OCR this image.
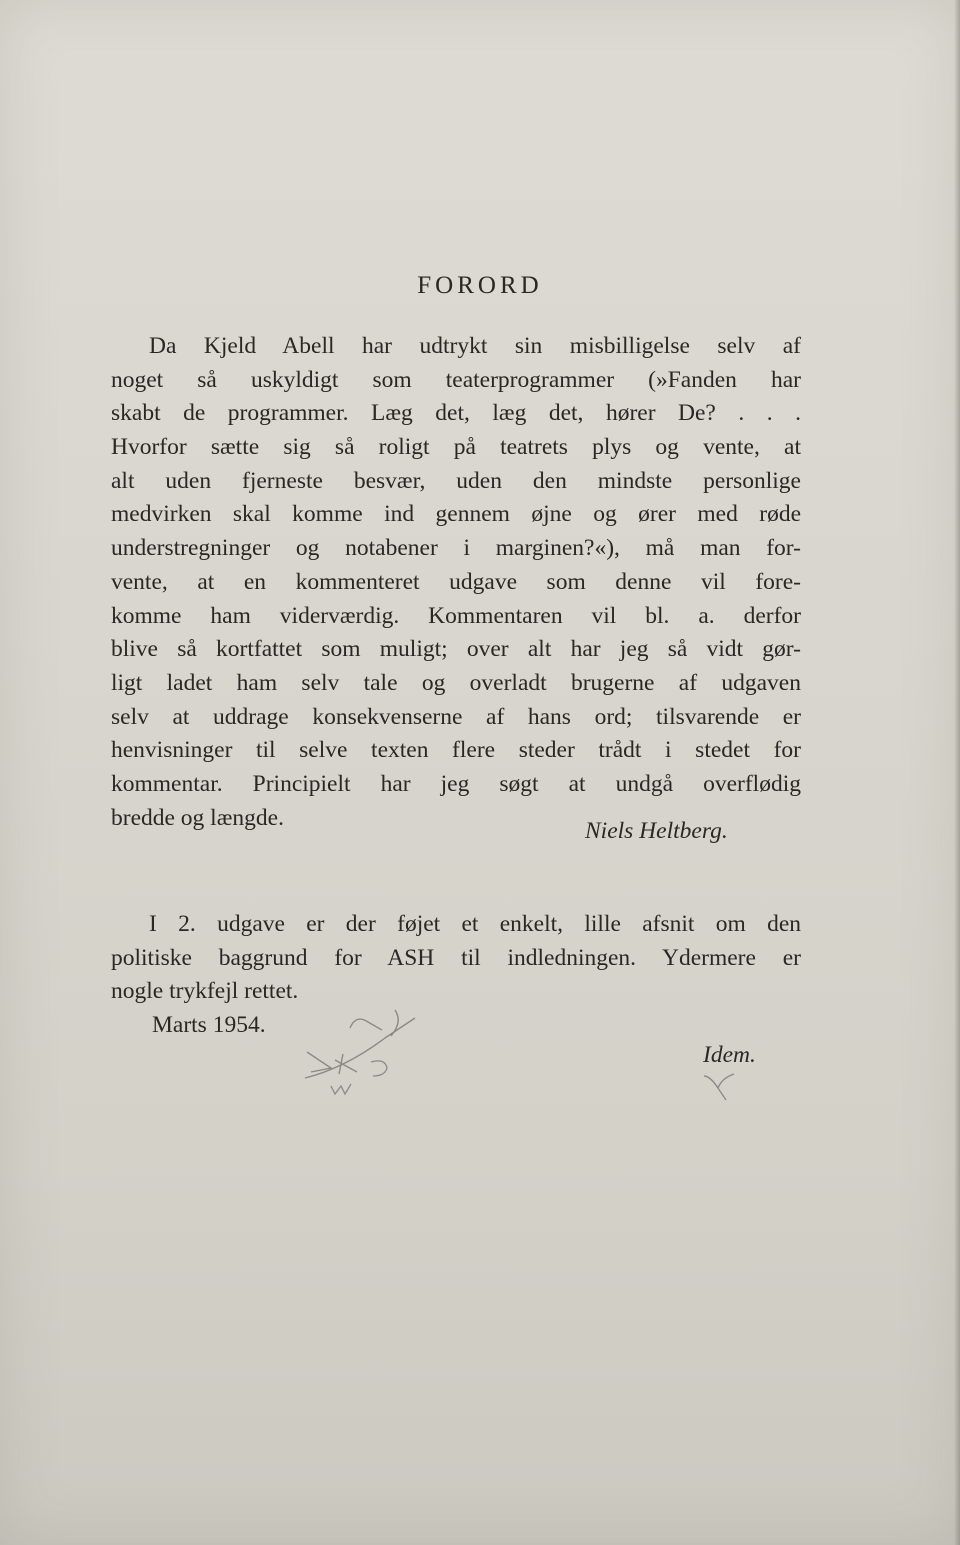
FORORD
Da Kjeld Abell har udtrykt sin misbilligelse selv af
noget så uskyldigt som teaterprogrammer (»Fanden har
skabt de programmer. Læg det, læg det, hører De? . . .
Hvorfor sætte sig så roligt på teatrets plys og vente, at
alt uden fjerneste besvær, uden den mindste personlige
medvirken skal komme ind gennem øjne og ører med røde
understregninger og notabener i marginen?«), må man for-
vente, at en kommenteret udgave som denne vil fore-
komme ham viderværdig. Kommentaren vil bl. a. derfor
blive så kortfattet som muligt; over alt har jeg så vidt gør-
ligt ladet ham selv tale og overladt brugerne af udgaven
selv at uddrage konsekvenserne af hans ord; tilsvarende er
henvisninger til selve texten flere steder trådt i stedet for
kommentar. Principielt har jeg søgt at undgå overflødig
bredde og længde.
Niels Heltberg.
I 2. udgave er der føjet et enkelt, lille afsnit om den
politiske baggrund for ASH til indledningen. Ydermere er
nogle trykfejl rettet.
Marts 1954.
Idem.
